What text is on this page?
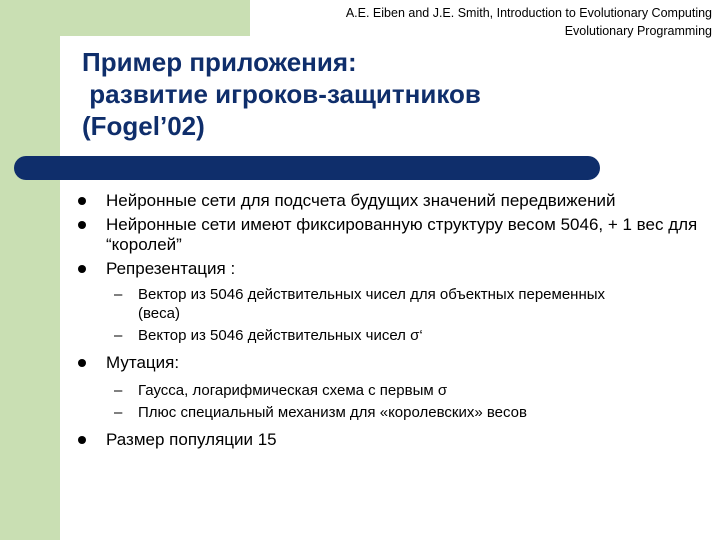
A.E. Eiben and J.E. Smith, Introduction to Evolutionary Computing
Evolutionary Programming
Пример приложения:
развитие игроков-защитников
(Fogel’02)
Нейронные сети для подсчета будущих значений передвижений
Нейронные сети имеют фиксированную структуру весом 5046, + 1 вес для “королей”
Репрезентация :
– Вектор из 5046 действительных чисел для объектных переменных (веса)
– Вектор из 5046 действительных чисел σ‘
Мутация:
– Гаусса, логарифмическая схема с первым σ
– Плюс специальный механизм для «королевских» весов
Размер популяции 15
